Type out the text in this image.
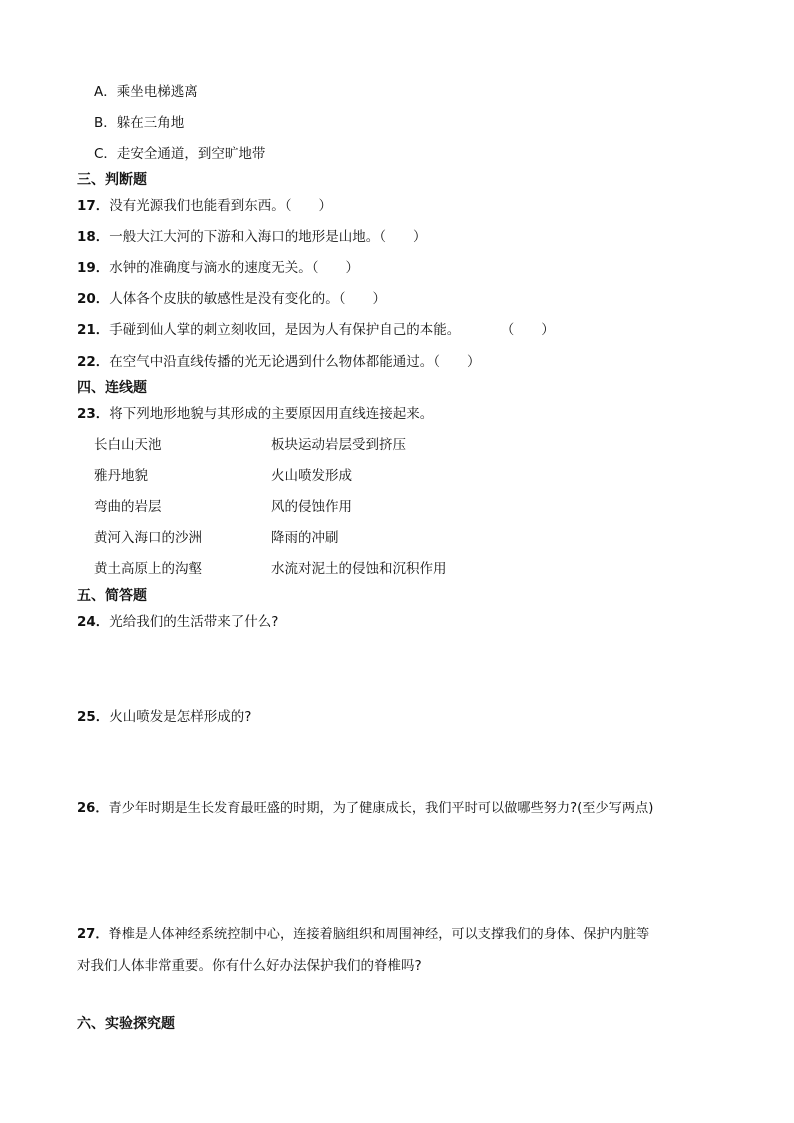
A．乘坐电梯逃离
B．躲在三角地
C．走安全通道，到空旷地带
三、判断题
17．没有光源我们也能看到东西。（　　）
18．一般大江大河的下游和入海口的地形是山地。（　　）
19．水钟的准确度与滴水的速度无关。（　　）
20．人体各个皮肤的敏感性是没有变化的。（　　）
21．手碰到仙人掌的刺立刻收回，是因为人有保护自己的本能。　　　　（　　）
22．在空气中沿直线传播的光无论遇到什么物体都能通过。（　　）
四、连线题
23．将下列地形地貌与其形成的主要原因用直线连接起来。
长白山天池
雅丹地貌
弯曲的岩层
黄河入海口的沙洲
黄土高原上的沟壑
板块运动岩层受到挤压
火山喷发形成
风的侵蚀作用
降雨的冲刷
水流对泥土的侵蚀和沉积作用
五、简答题
24．光给我们的生活带来了什么?
25．火山喷发是怎样形成的?
26．青少年时期是生长发育最旺盛的时期，为了健康成长，我们平时可以做哪些努力?(至少写两点)
27．脊椎是人体神经系统控制中心，连接着脑组织和周围神经，可以支撑我们的身体、保护内脏等
对我们人体非常重要。你有什么好办法保护我们的脊椎吗?
六、实验探究题
